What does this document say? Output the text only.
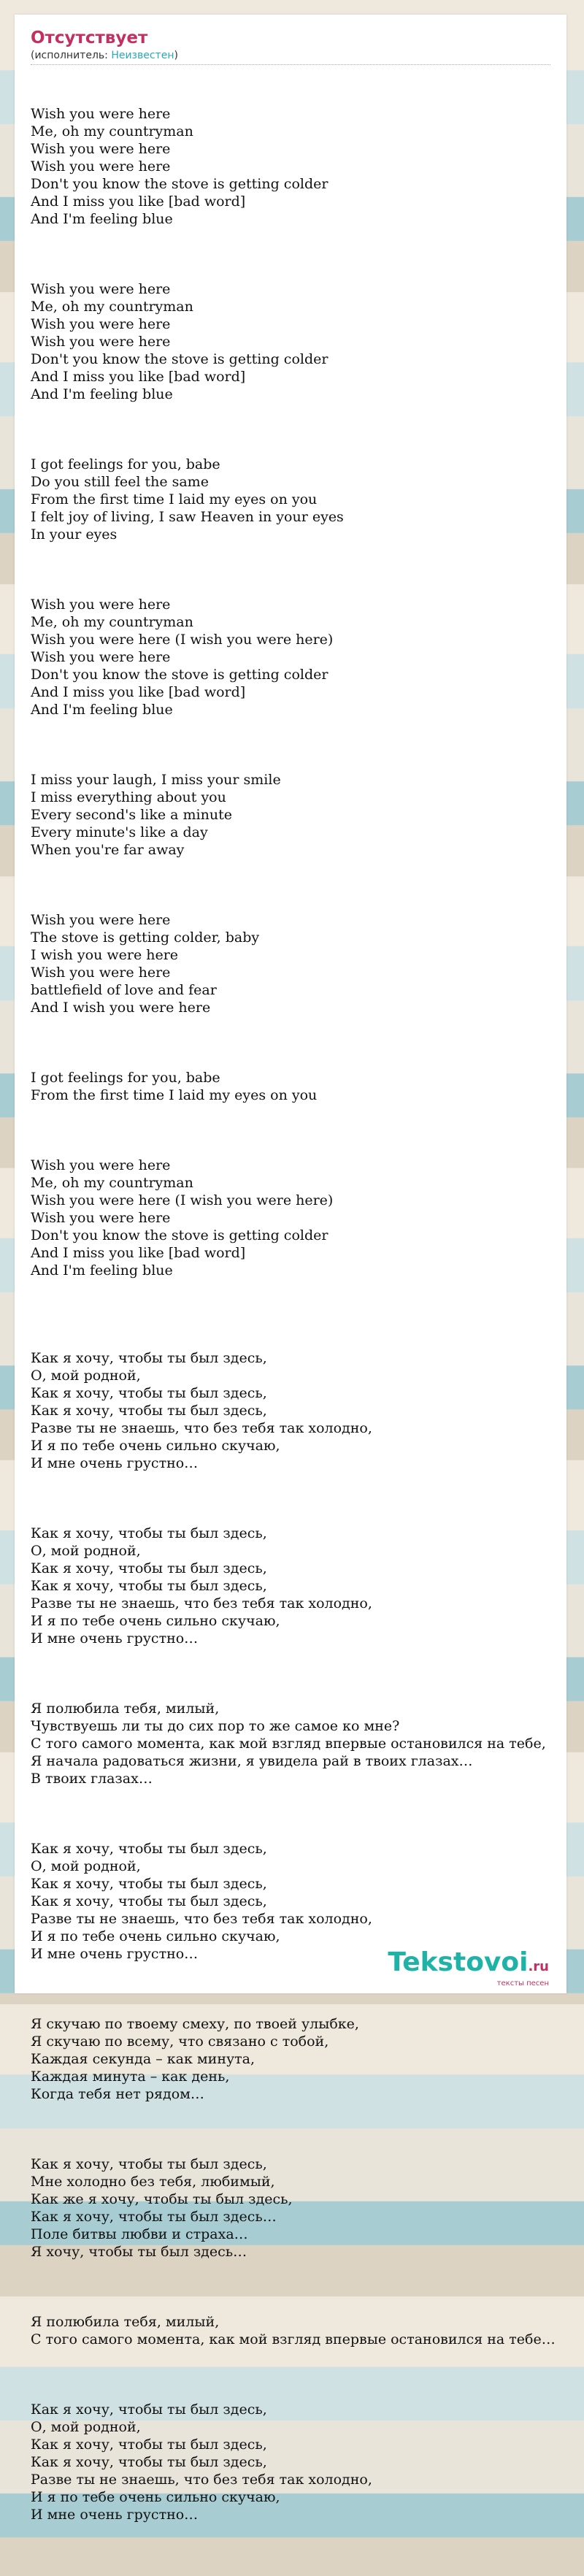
Отсутствует
(исполнитель: Неизвестен)

Wish you were here
Me, oh my countryman
Wish you were here
Wish you were here
Don't you know the stove is getting colder
And I miss you like [bad word]
And I'm feeling blue

Wish you were here
Me, oh my countryman
Wish you were here
Wish you were here
Don't you know the stove is getting colder
And I miss you like [bad word]
And I'm feeling blue

I got feelings for you, babe
Do you still feel the same
From the first time I laid my eyes on you
I felt joy of living, I saw Heaven in your eyes
In your eyes

Wish you were here
Me, oh my countryman
Wish you were here (I wish you were here)
Wish you were here
Don't you know the stove is getting colder
And I miss you like [bad word]
And I'm feeling blue

I miss your laugh, I miss your smile
I miss everything about you
Every second's like a minute
Every minute's like a day
When you're far away

Wish you were here
The stove is getting colder, baby
I wish you were here
Wish you were here
battlefield of love and fear
And I wish you were here

I got feelings for you, babe
From the first time I laid my eyes on you

Wish you were here
Me, oh my countryman
Wish you were here (I wish you were here)
Wish you were here
Don't you know the stove is getting colder
And I miss you like [bad word]
And I'm feeling blue

Как я хочу, чтобы ты был здесь,
О, мой родной,
Как я хочу, чтобы ты был здесь,
Как я хочу, чтобы ты был здесь,
Разве ты не знаешь, что без тебя так холодно,
И я по тебе очень сильно скучаю,
И мне очень грустно…

Как я хочу, чтобы ты был здесь,
О, мой родной,
Как я хочу, чтобы ты был здесь,
Как я хочу, чтобы ты был здесь,
Разве ты не знаешь, что без тебя так холодно,
И я по тебе очень сильно скучаю,
И мне очень грустно…

Я полюбила тебя, милый,
Чувствуешь ли ты до сих пор то же самое ко мне?
С того самого момента, как мой взгляд впервые остановился на тебе,
Я начала радоваться жизни, я увидела рай в твоих глазах…
В твоих глазах…

Как я хочу, чтобы ты был здесь,
О, мой родной,
Как я хочу, чтобы ты был здесь,
Как я хочу, чтобы ты был здесь,
Разве ты не знаешь, что без тебя так холодно,
И я по тебе очень сильно скучаю,
И мне очень грустно…

Я скучаю по твоему смеху, по твоей улыбке,
Я скучаю по всему, что связано с тобой,
Каждая секунда – как минута,
Каждая минута – как день,
Когда тебя нет рядом…

Как я хочу, чтобы ты был здесь,
Мне холодно без тебя, любимый,
Как же я хочу, чтобы ты был здесь,
Как я хочу, чтобы ты был здесь…
Поле битвы любви и страха…
Я хочу, чтобы ты был здесь…

Я полюбила тебя, милый,
С того самого момента, как мой взгляд впервые остановился на тебе…

Как я хочу, чтобы ты был здесь,
О, мой родной,
Как я хочу, чтобы ты был здесь,
Как я хочу, чтобы ты был здесь,
Разве ты не знаешь, что без тебя так холодно,
И я по тебе очень сильно скучаю,
И мне очень грустно…

Tekstovoi.ru
тексты песен
